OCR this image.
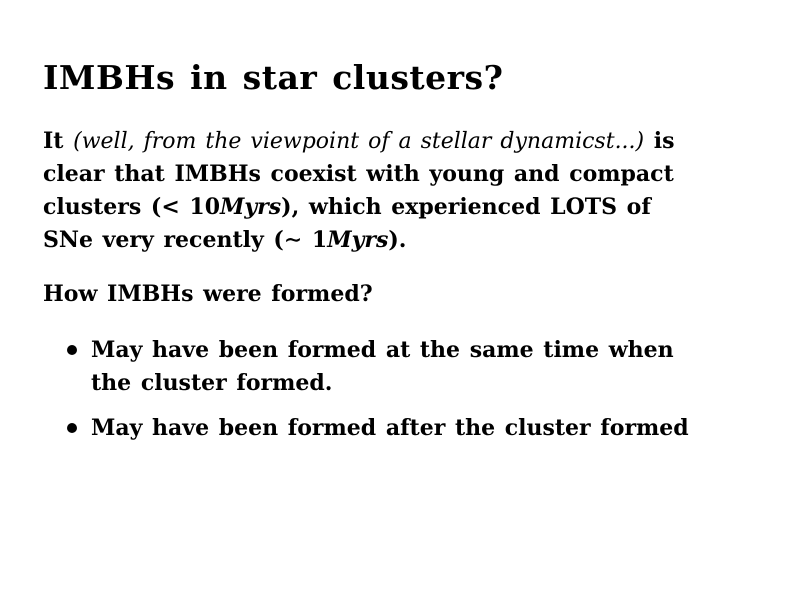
IMBHs in star clusters?
It (well, from the viewpoint of a stellar dynamicst...) is
clear that IMBHs coexist with young and compact
clusters (< 10Myrs), which experienced LOTS of
SNe very recently (∼ 1Myrs).
How IMBHs were formed?
May have been formed at the same time when
the cluster formed.
May have been formed after the cluster formed
